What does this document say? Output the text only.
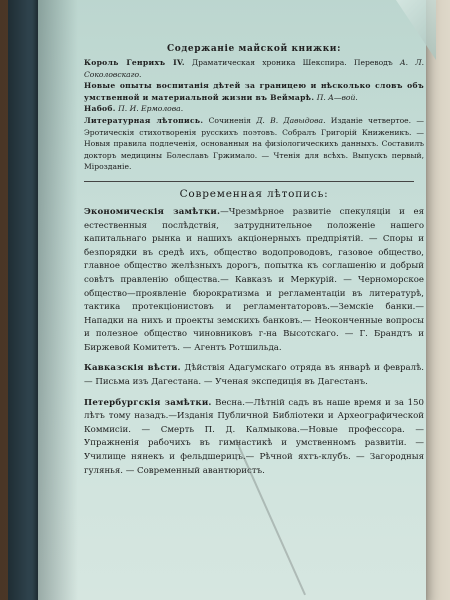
Содержаніе майской книжки:

Король Генрихъ IV. Драматическая хроника Шекспира. Переводъ А. Л. Соколовскаго.

Новые опыты воспитанія дѣтей за границею и нѣсколько словъ объ умственной и материальной жизни въ Веймарѣ. П. А—вой.

Набоб. П. И. Ермолова.

Литературная лѣтопись. Сочиненія Д. В. Давыдова. Изданіе четвертое. — Эротическія стихотворенія русскихъ поэтовъ. Собралъ Григорій Книженикъ. — Новыя правила подлеченія, основанныя на физіологическихъ данныхъ. Составилъ докторъ медицины Болеславъ Гржимало. — Чтенія для всѣхъ. Выпускъ первый, Мірозданіе.

Современная лѣтопись:

Экономическія замѣтки.—Чрезмѣрное развитіе спекуляціи и ея естественныя послѣдствія, затруднительное положеніе нашего капитальнаго рынка и нашихъ акціонерныхъ предпріятій. — Споры и безпорядки въ средѣ ихъ, общество водопроводовъ, газовое общество, главное общество желѣзныхъ дорогъ, попытка къ соглашенію и добрый совѣтъ правленію общества.— Кавказъ и Меркурій. — Черноморское общество—проявленіе бюрократизма и регламентаціи въ литературѣ, тактика протекціонистовъ и регламентаторовъ.—Земскіе банки.—Нападки на нихъ и проекты земскихъ банковъ.— Неоконченные вопросы и полезное общество чиновниковъ г-на Высотскаго. — Г. Брандтъ и Биржевой Комитетъ. — Агентъ Ротшильда.

Кавказскія вѣсти. Дѣйствія Адагумскаго отряда въ январѣ и февралѣ. — Письма изъ Дагестана. — Ученая экспедиція въ Дагестанъ.

Петербургскія замѣтки. Весна.—Лѣтній садъ въ наше время и за 150 лѣтъ тому назадъ.—Изданія Публичной Библіотеки и Археографической Коммисіи. — Смерть П. Д. Калмыкова.—Новые профессора. — Упражненія рабочихъ въ гимнастикѣ и умственномъ развитіи. — Училище нянекъ и фельдшерицъ.— Рѣчной яхтъ-клубъ. — Загородныя гулянья. — Современный авантюристъ.
